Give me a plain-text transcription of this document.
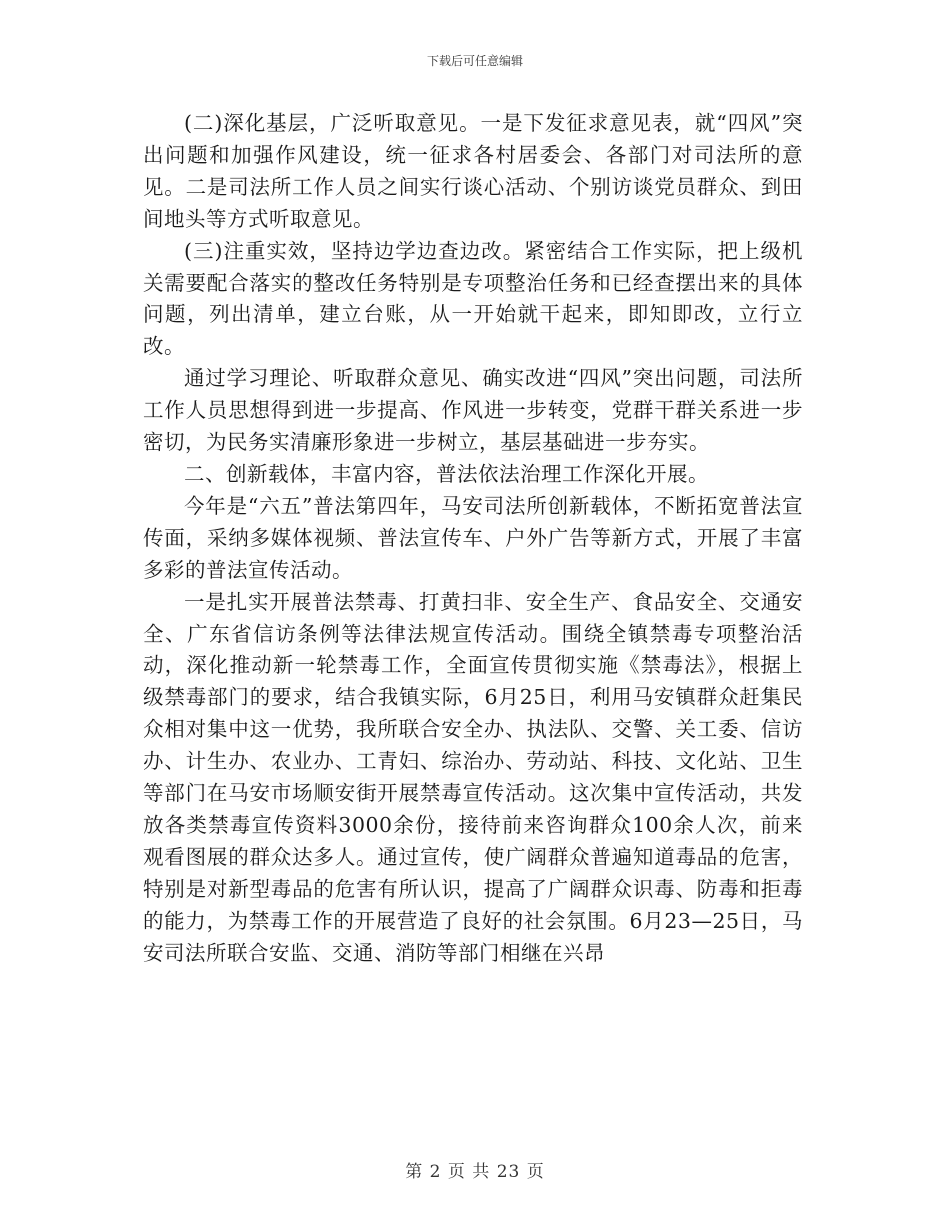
下载后可任意编辑

(二)深化基层，广泛听取意见。一是下发征求意见表，就“四风”突出问题和加强作风建设，统一征求各村居委会、各部门对司法所的意见。二是司法所工作人员之间实行谈心活动、个别访谈党员群众、到田间地头等方式听取意见。

(三)注重实效，坚持边学边查边改。紧密结合工作实际，把上级机关需要配合落实的整改任务特别是专项整治任务和已经查摆出来的具体问题，列出清单，建立台账，从一开始就干起来，即知即改，立行立改。

通过学习理论、听取群众意见、确实改进“四风”突出问题，司法所工作人员思想得到进一步提高、作风进一步转变，党群干群关系进一步密切，为民务实清廉形象进一步树立，基层基础进一步夯实。

二、创新载体，丰富内容，普法依法治理工作深化开展。

今年是“六五”普法第四年，马安司法所创新载体，不断拓宽普法宣传面，采纳多媒体视频、普法宣传车、户外广告等新方式，开展了丰富多彩的普法宣传活动。

一是扎实开展普法禁毒、打黄扫非、安全生产、食品安全、交通安全、广东省信访条例等法律法规宣传活动。围绕全镇禁毒专项整治活动，深化推动新一轮禁毒工作，全面宣传贯彻实施《禁毒法》，根据上级禁毒部门的要求，结合我镇实际，6月25日，利用马安镇群众赶集民众相对集中这一优势，我所联合安全办、执法队、交警、关工委、信访办、计生办、农业办、工青妇、综治办、劳动站、科技、文化站、卫生等部门在马安市场顺安街开展禁毒宣传活动。这次集中宣传活动，共发放各类禁毒宣传资料3000余份，接待前来咨询群众100余人次，前来观看图展的群众达多人。通过宣传，使广阔群众普遍知道毒品的危害，特别是对新型毒品的危害有所认识，提高了广阔群众识毒、防毒和拒毒的能力，为禁毒工作的开展营造了良好的社会氛围。6月23—25日，马安司法所联合安监、交通、消防等部门相继在兴昂

第 2 页 共 23 页
